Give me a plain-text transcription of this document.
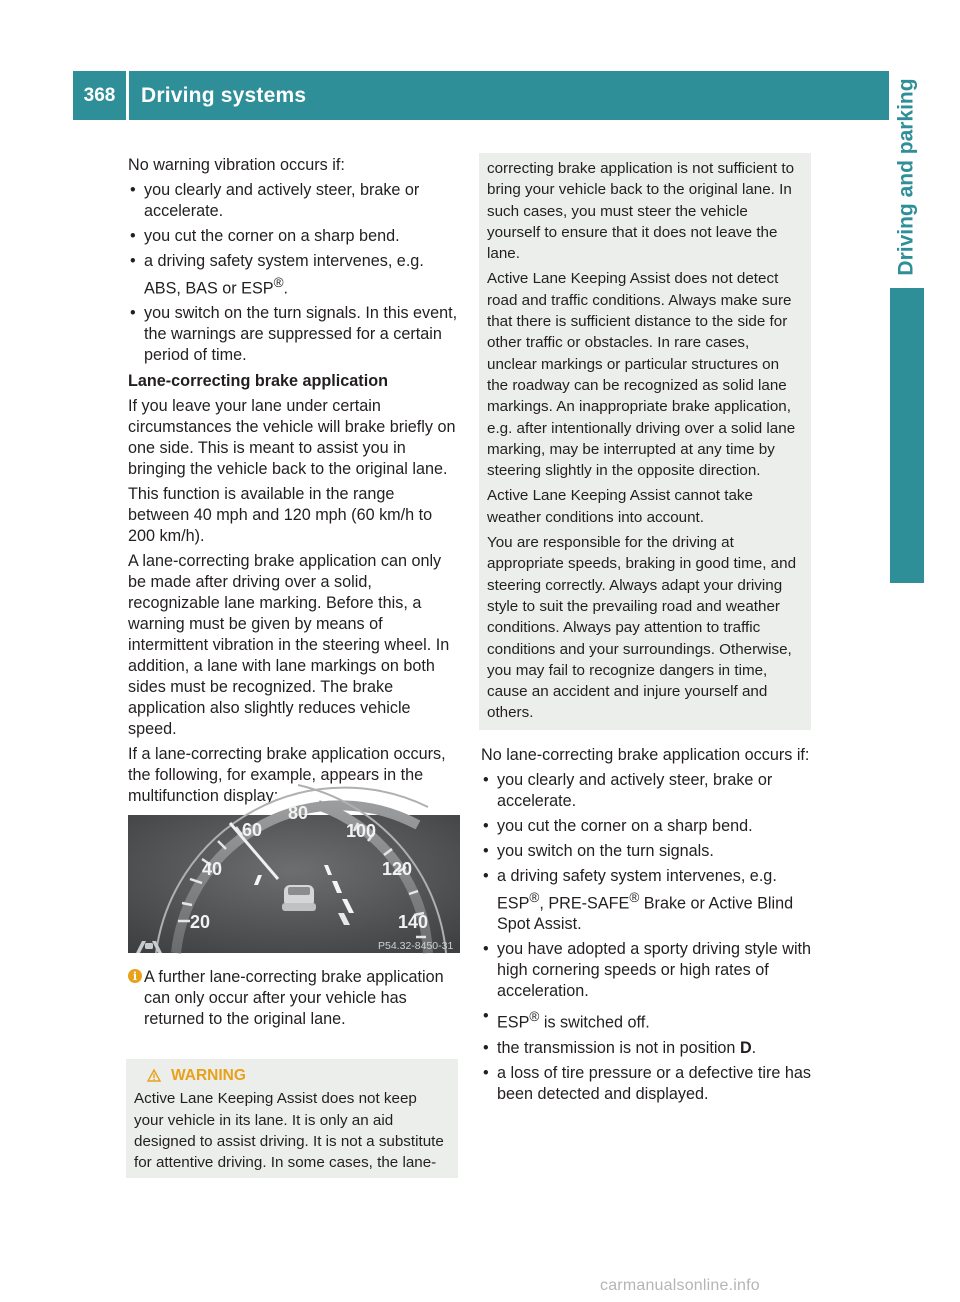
368	Driving systems	Driving and parking

No warning vibration occurs if:

• you clearly and actively steer, brake or accelerate.
• you cut the corner on a sharp bend.
• a driving safety system intervenes, e.g. ABS, BAS or ESP®.
• you switch on the turn signals. In this event, the warnings are suppressed for a certain period of time.

Lane-correcting brake application

If you leave your lane under certain circumstances the vehicle will brake briefly on one side. This is meant to assist you in bringing the vehicle back to the original lane.

This function is available in the range between 40 mph and 120 mph (60 km/h to 200 km/h).

A lane-correcting brake application can only be made after driving over a solid, recognizable lane marking. Before this, a warning must be given by means of intermittent vibration in the steering wheel. In addition, a lane with lane markings on both sides must be recognized. The brake application also slightly reduces vehicle speed.

If a lane-correcting brake application occurs, the following, for example, appears in the multifunction display:

20
40
60
80
100
120
140
P54.32-8450-31
i A further lane-correcting brake application can only occur after your vehicle has returned to the original lane.

WARNING

Active Lane Keeping Assist does not keep your vehicle in its lane. It is only an aid designed to assist driving. It is not a substitute for attentive driving. In some cases, the lane-

correcting brake application is not sufficient to bring your vehicle back to the original lane. In such cases, you must steer the vehicle yourself to ensure that it does not leave the lane.

Active Lane Keeping Assist does not detect road and traffic conditions. Always make sure that there is sufficient distance to the side for other traffic or obstacles. In rare cases, unclear markings or particular structures on the roadway can be recognized as solid lane markings. An inappropriate brake application, e.g. after intentionally driving over a solid lane marking, may be interrupted at any time by steering slightly in the opposite direction.

Active Lane Keeping Assist cannot take weather conditions into account.

You are responsible for the driving at appropriate speeds, braking in good time, and steering correctly. Always adapt your driving style to suit the prevailing road and weather conditions. Always pay attention to traffic conditions and your surroundings. Otherwise, you may fail to recognize dangers in time, cause an accident and injure yourself and others.

No lane-correcting brake application occurs if:

• you clearly and actively steer, brake or accelerate.
• you cut the corner on a sharp bend.
• you switch on the turn signals.
• a driving safety system intervenes, e.g. ESP®, PRE-SAFE® Brake or Active Blind Spot Assist.
• you have adopted a sporty driving style with high cornering speeds or high rates of acceleration.
• ESP® is switched off.
• the transmission is not in position D.
• a loss of tire pressure or a defective tire has been detected and displayed.
carmanualsonline.info
